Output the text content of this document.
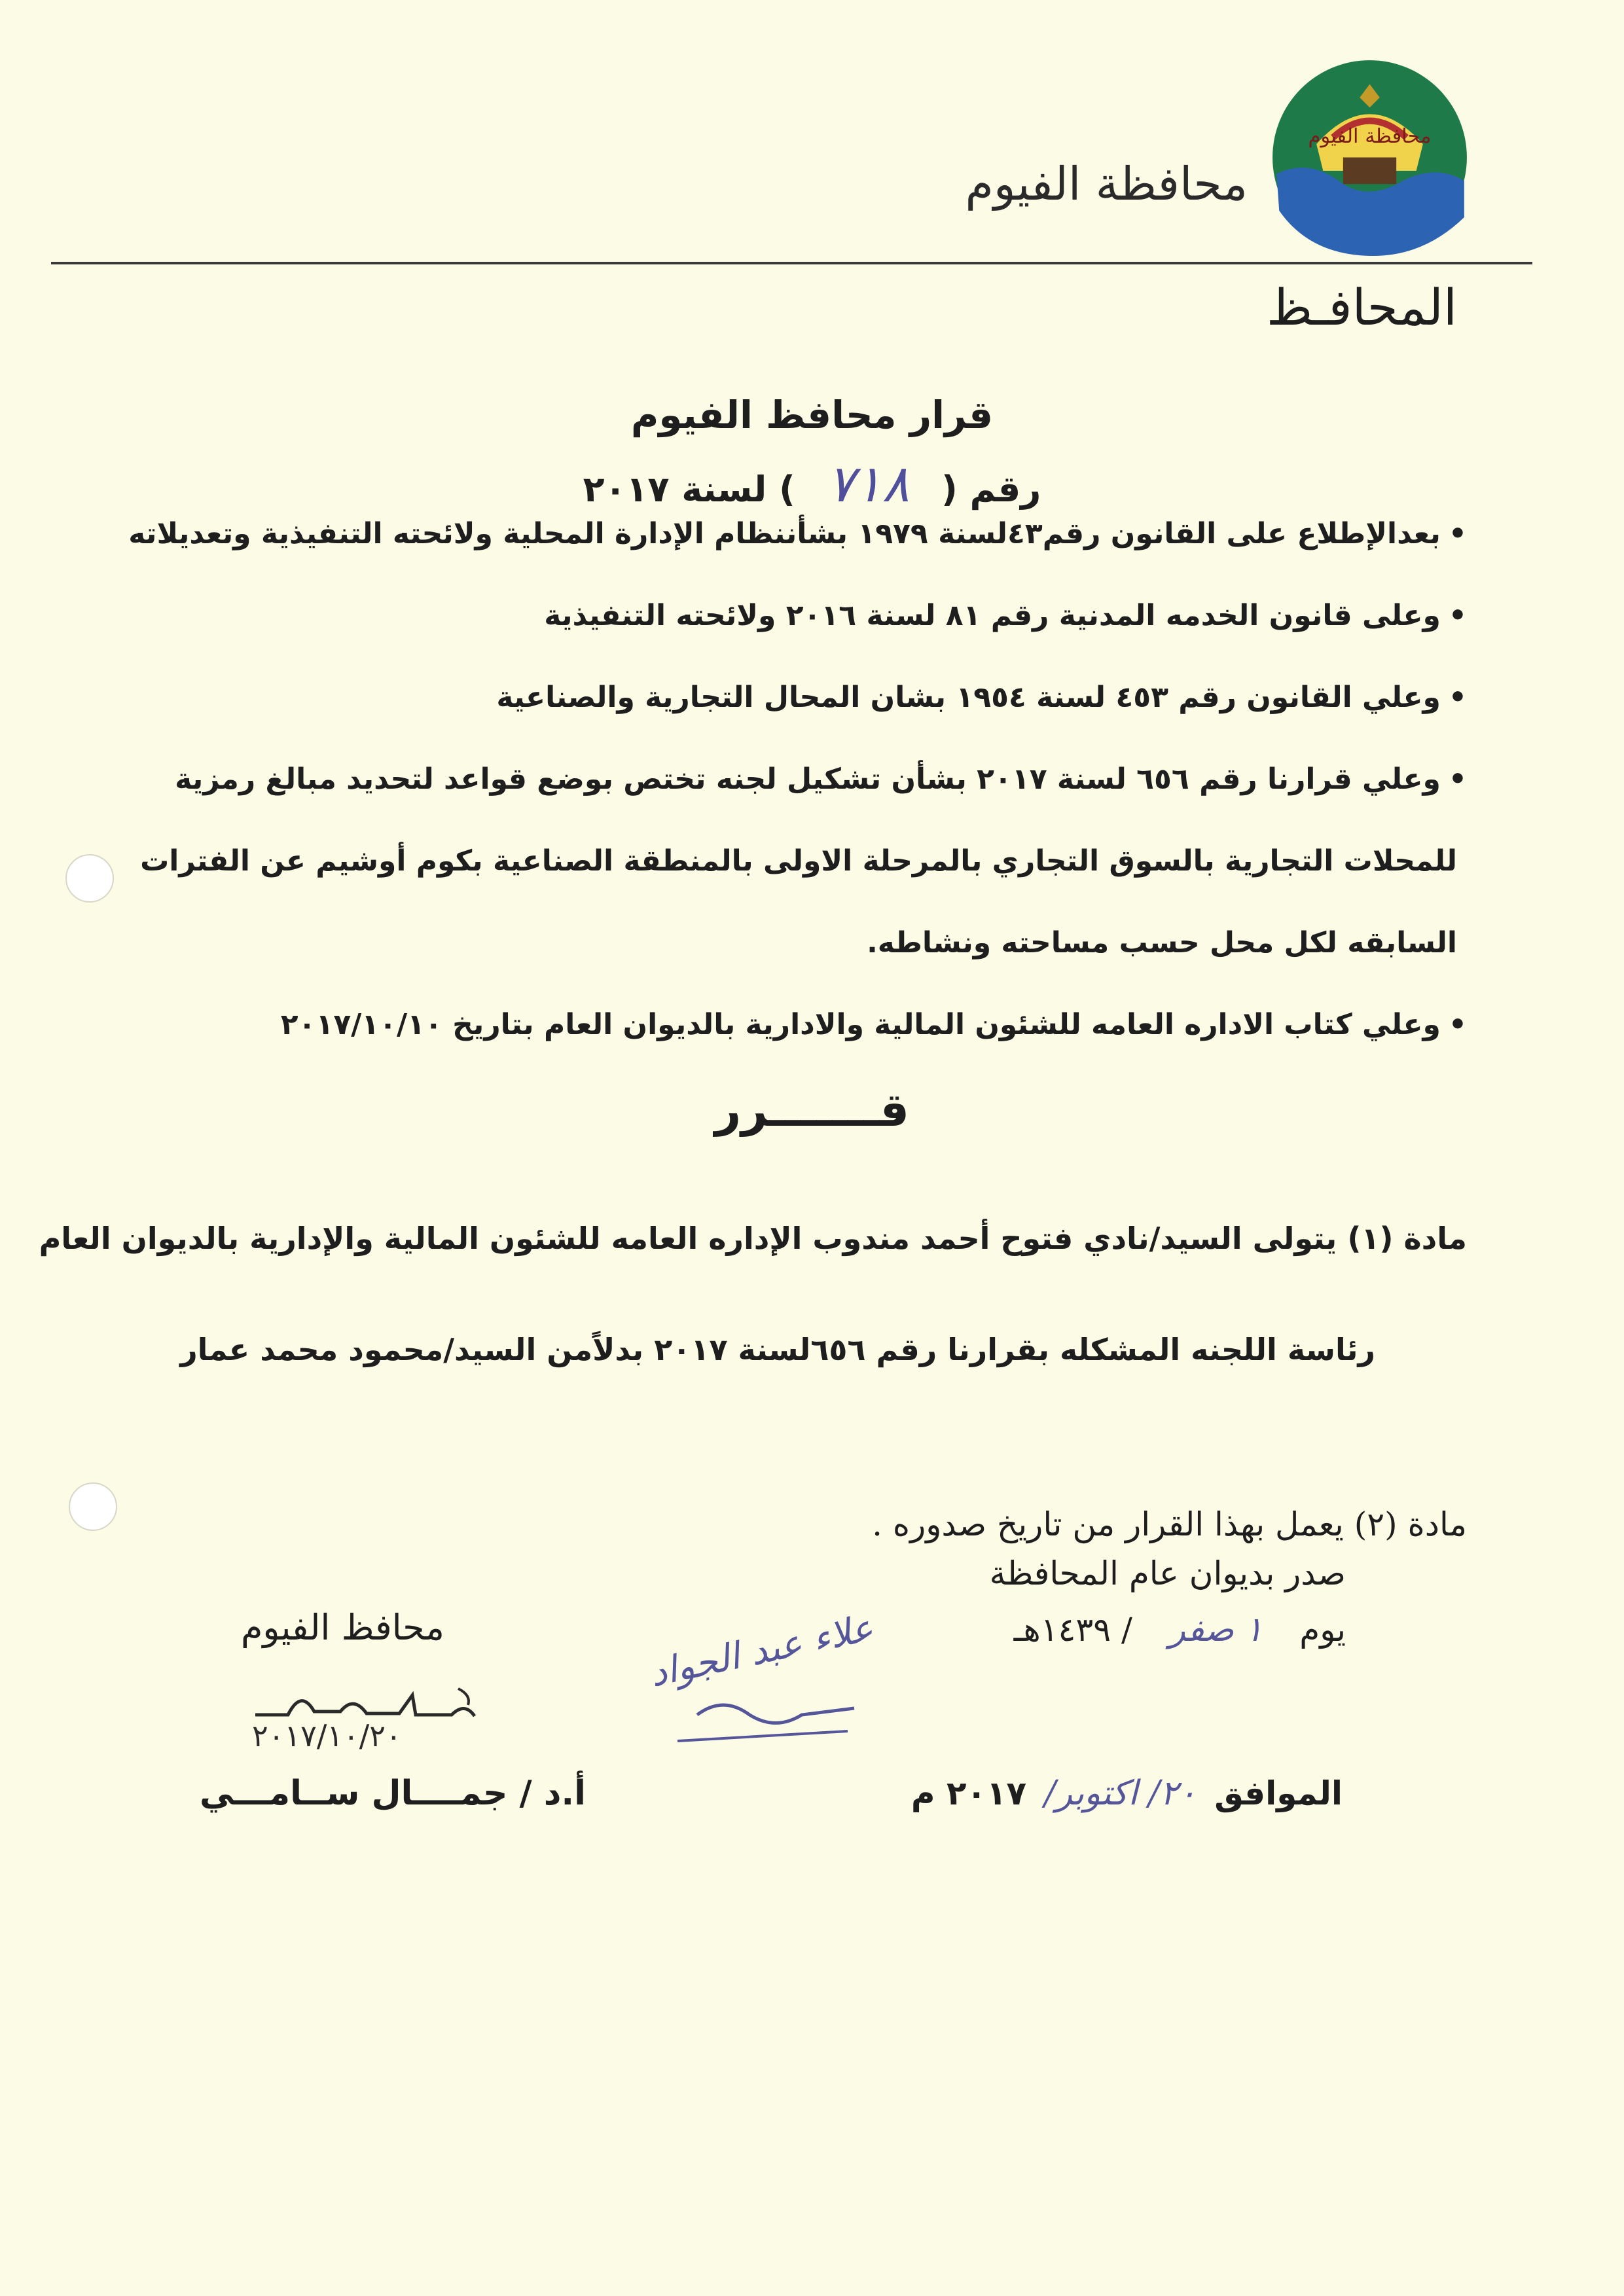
محافظة الفيوم
محافظة الفيوم
المحافـظ
قرار محافظ الفيوم
رقم ( ٧١٨ ) لسنة ٢٠١٧
•بعدالإطلاع على القانون رقم٤٣لسنة ١٩٧٩ بشأننظام الإدارة المحلية ولائحته التنفيذية وتعديلاته
•وعلى قانون الخدمه المدنية رقم ٨١ لسنة ٢٠١٦ ولائحته التنفيذية
•وعلي القانون رقم ٤٥٣ لسنة ١٩٥٤ بشان المحال التجارية والصناعية
•وعلي قرارنا رقم ٦٥٦ لسنة ٢٠١٧ بشأن تشكيل لجنه تختص بوضع قواعد لتحديد مبالغ رمزية
للمحلات التجارية بالسوق التجاري بالمرحلة الاولى بالمنطقة الصناعية بكوم أوشيم عن الفترات
السابقه لكل محل حسب مساحته ونشاطه.
•وعلي كتاب الاداره العامه للشئون المالية والادارية بالديوان العام بتاريخ ٢٠١٧/١٠/١٠
قـــــــرر
مادة (١) يتولى السيد/نادي فتوح أحمد مندوب الإداره العامه للشئون المالية والإدارية بالديوان العام
رئاسة اللجنه المشكله بقرارنا رقم ٦٥٦لسنة ٢٠١٧ بدلاًمن السيد/محمود محمد عمار
مادة (٢) يعمل بهذا القرار من تاريخ صدوره .
صدر بديوان عام المحافظة
يوم ١ صفر / ١٤٣٩هـ
الموافق ٢٠/ اكتوبر/ ٢٠١٧ م
محافظ الفيوم
٢٠١٧/١٠/٢٠
أ.د / جمــــال ســامـــي
علاء عبد الجواد
